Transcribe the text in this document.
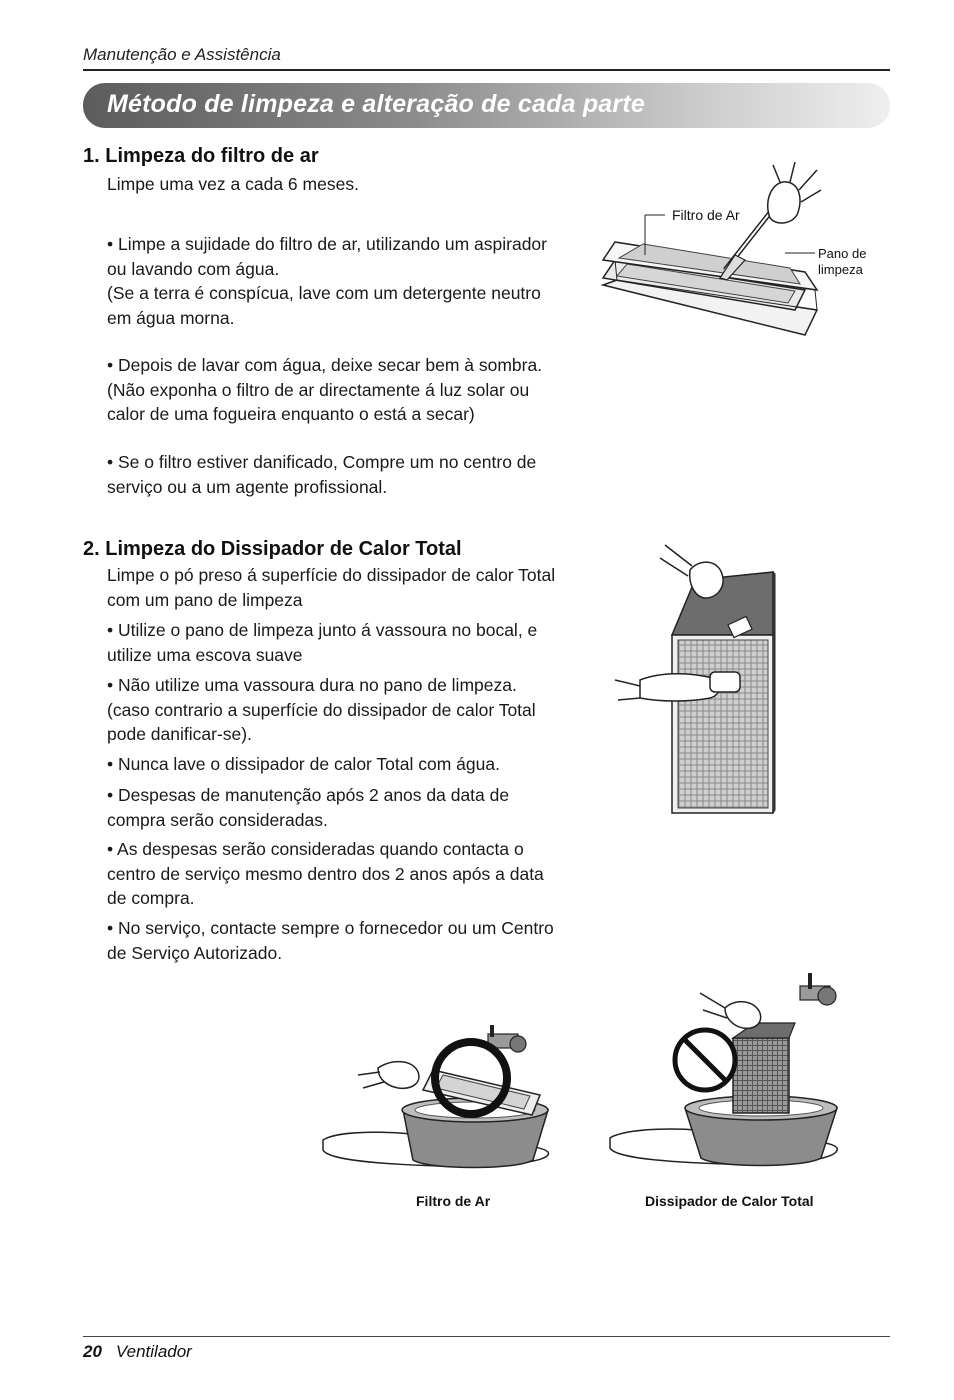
Manutenção e Assistência
Método de limpeza e alteração de cada parte
1. Limpeza do filtro de ar
Limpe uma vez a cada 6 meses.

• Limpe a sujidade do filtro de ar, utilizando um aspirador

ou lavando com água.

(Se a terra é conspícua, lave com um detergente neutro

em água morna.

• Depois de lavar com água, deixe secar bem à sombra.

(Não exponha o filtro de ar directamente á luz solar ou

calor de uma fogueira enquanto o está a secar)

• Se o filtro estiver danificado, Compre um no centro de

serviço ou a um agente profissional.

Filtro de Ar
Pano de
limpeza
2. Limpeza do Dissipador de Calor Total
Limpe o pó preso á superfície do dissipador de calor Total
com um pano de limpeza

• Utilize o pano de limpeza junto á vassoura no bocal, e

utilize uma escova suave

• Não utilize uma vassoura dura no pano de limpeza.

(caso contrario a superfície do dissipador de calor Total

pode danificar-se).

• Nunca lave o dissipador de calor Total com água.

• Despesas de manutenção após 2 anos da data de

compra serão consideradas.

• As despesas serão consideradas quando contacta o

centro de serviço mesmo dentro dos 2 anos após a data

de compra.

• No serviço, contacte sempre o fornecedor ou um Centro

de Serviço Autorizado.

Filtro de Ar	Dissipador de Calor Total
20 Ventilador
